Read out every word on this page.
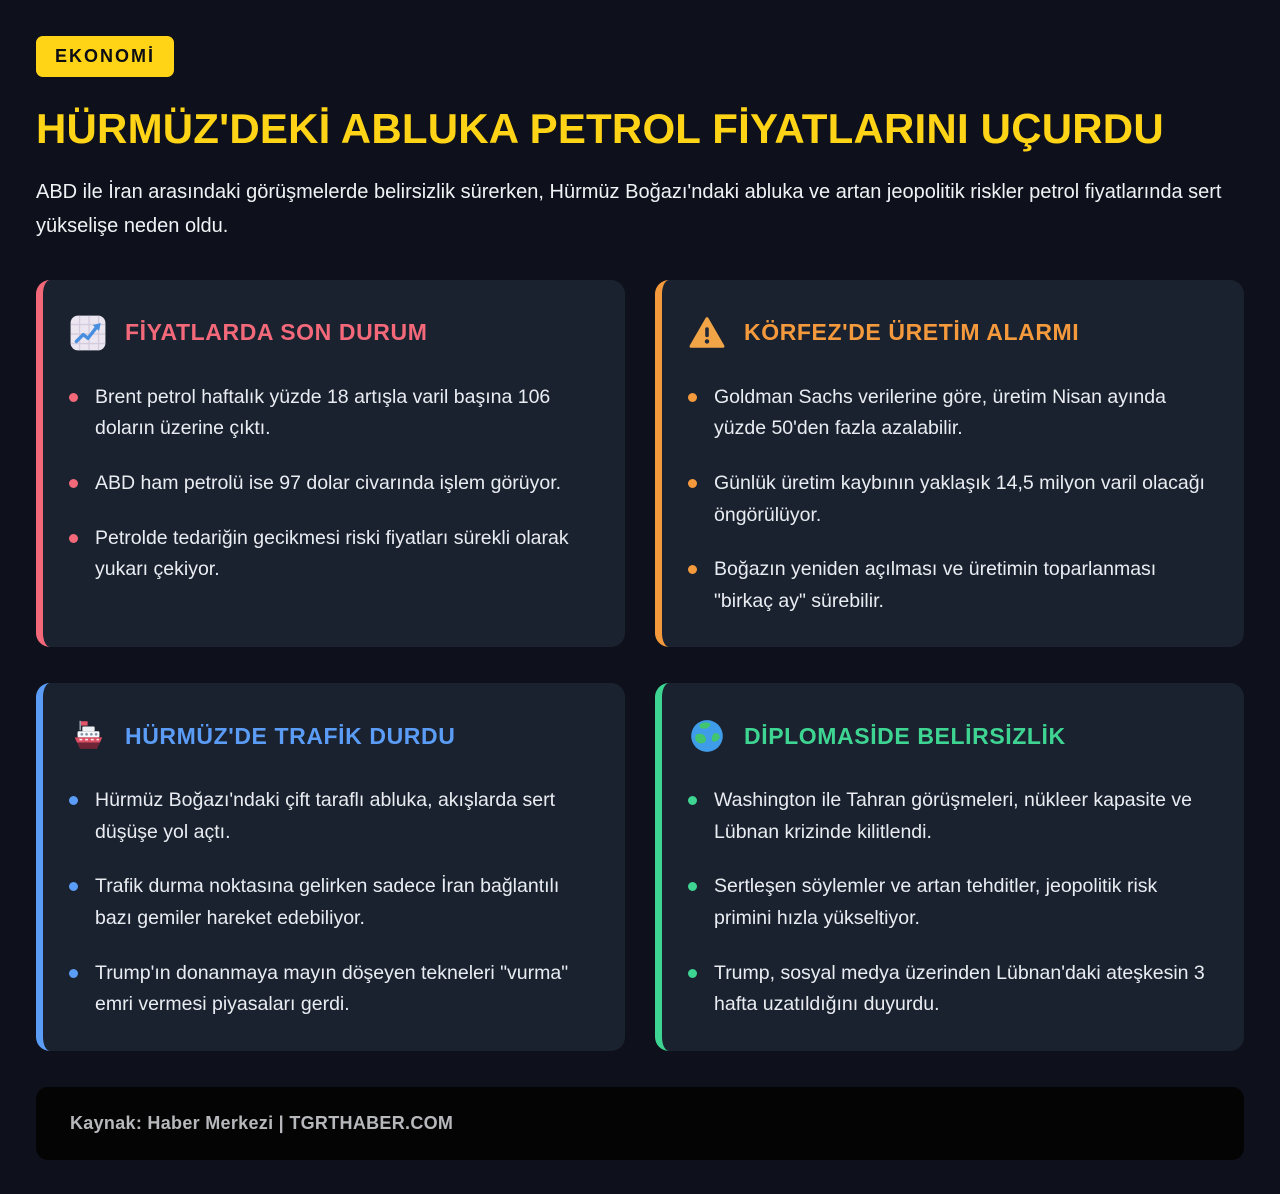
EKONOMİ
HÜRMÜZ'DEKİ ABLUKA PETROL FİYATLARINI UÇURDU

ABD ile İran arasındaki görüşmelerde belirsizlik sürerken, Hürmüz Boğazı'ndaki abluka ve artan jeopolitik riskler petrol fiyatlarında sert yükselişe neden oldu.

FİYATLARDA SON DURUM
Brent petrol haftalık yüzde 18 artışla varil başına 106 doların üzerine çıktı.
ABD ham petrolü ise 97 dolar civarında işlem görüyor.
Petrolde tedariğin gecikmesi riski fiyatları sürekli olarak yukarı çekiyor.
KÖRFEZ'DE ÜRETİM ALARMI
Goldman Sachs verilerine göre, üretim Nisan ayında yüzde 50'den fazla azalabilir.
Günlük üretim kaybının yaklaşık 14,5 milyon varil olacağı öngörülüyor.
Boğazın yeniden açılması ve üretimin toparlanması "birkaç ay" sürebilir.
HÜRMÜZ'DE TRAFİK DURDU
Hürmüz Boğazı'ndaki çift taraflı abluka, akışlarda sert düşüşe yol açtı.
Trafik durma noktasına gelirken sadece İran bağlantılı bazı gemiler hareket edebiliyor.
Trump'ın donanmaya mayın döşeyen tekneleri "vurma" emri vermesi piyasaları gerdi.
DİPLOMASİDE BELİRSİZLİK
Washington ile Tahran görüşmeleri, nükleer kapasite ve Lübnan krizinde kilitlendi.
Sertleşen söylemler ve artan tehditler, jeopolitik risk primini hızla yükseltiyor.
Trump, sosyal medya üzerinden Lübnan'daki ateşkesin 3 hafta uzatıldığını duyurdu.
Kaynak: Haber Merkezi | TGRTHABER.COM
